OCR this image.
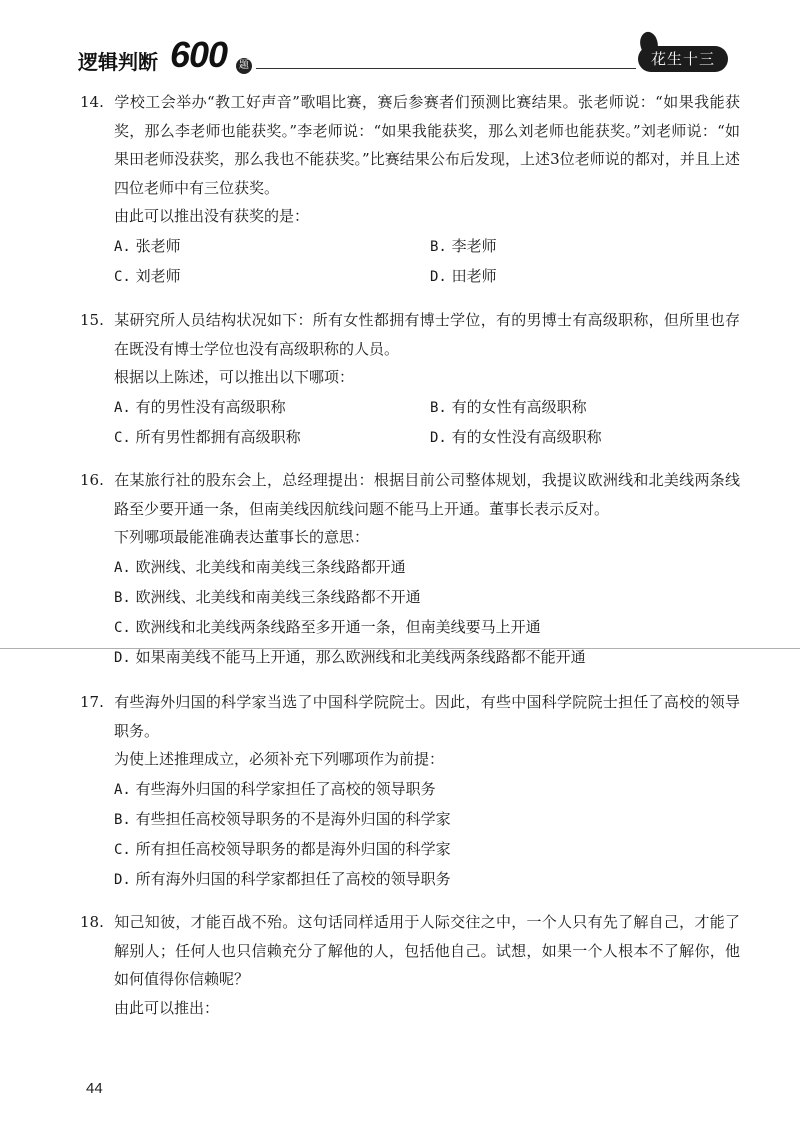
逻辑判断 600	题	花生十三

14. 学校工会举办“教工好声音”歌唱比赛，赛后参赛者们预测比赛结果。张老师说：“如果我能获奖，那么李老师也能获奖。”李老师说：“如果我能获奖，那么刘老师也能获奖。”刘老师说：“如果田老师没获奖，那么我也不能获奖。”比赛结果公布后发现，上述3位老师说的都对，并且上述四位老师中有三位获奖。

由此可以推出没有获奖的是：

A. 张老师	B. 李老师
C. 刘老师	D. 田老师

15. 某研究所人员结构状况如下：所有女性都拥有博士学位，有的男博士有高级职称，但所里也存在既没有博士学位也没有高级职称的人员。

根据以上陈述，可以推出以下哪项：

A. 有的男性没有高级职称	B. 有的女性有高级职称
C. 所有男性都拥有高级职称	D. 有的女性没有高级职称

16. 在某旅行社的股东会上，总经理提出：根据目前公司整体规划，我提议欧洲线和北美线两条线路至少要开通一条，但南美线因航线问题不能马上开通。董事长表示反对。

下列哪项最能准确表达董事长的意思：

A. 欧洲线、北美线和南美线三条线路都开通
B. 欧洲线、北美线和南美线三条线路都不开通
C. 欧洲线和北美线两条线路至多开通一条，但南美线要马上开通
D. 如果南美线不能马上开通，那么欧洲线和北美线两条线路都不能开通

17. 有些海外归国的科学家当选了中国科学院院士。因此，有些中国科学院院士担任了高校的领导职务。

为使上述推理成立，必须补充下列哪项作为前提：

A. 有些海外归国的科学家担任了高校的领导职务
B. 有些担任高校领导职务的不是海外归国的科学家
C. 所有担任高校领导职务的都是海外归国的科学家
D. 所有海外归国的科学家都担任了高校的领导职务

18. 知己知彼，才能百战不殆。这句话同样适用于人际交往之中，一个人只有先了解自己，才能了解别人；任何人也只信赖充分了解他的人，包括他自己。试想，如果一个人根本不了解你，他如何值得你信赖呢？

由此可以推出：

44
